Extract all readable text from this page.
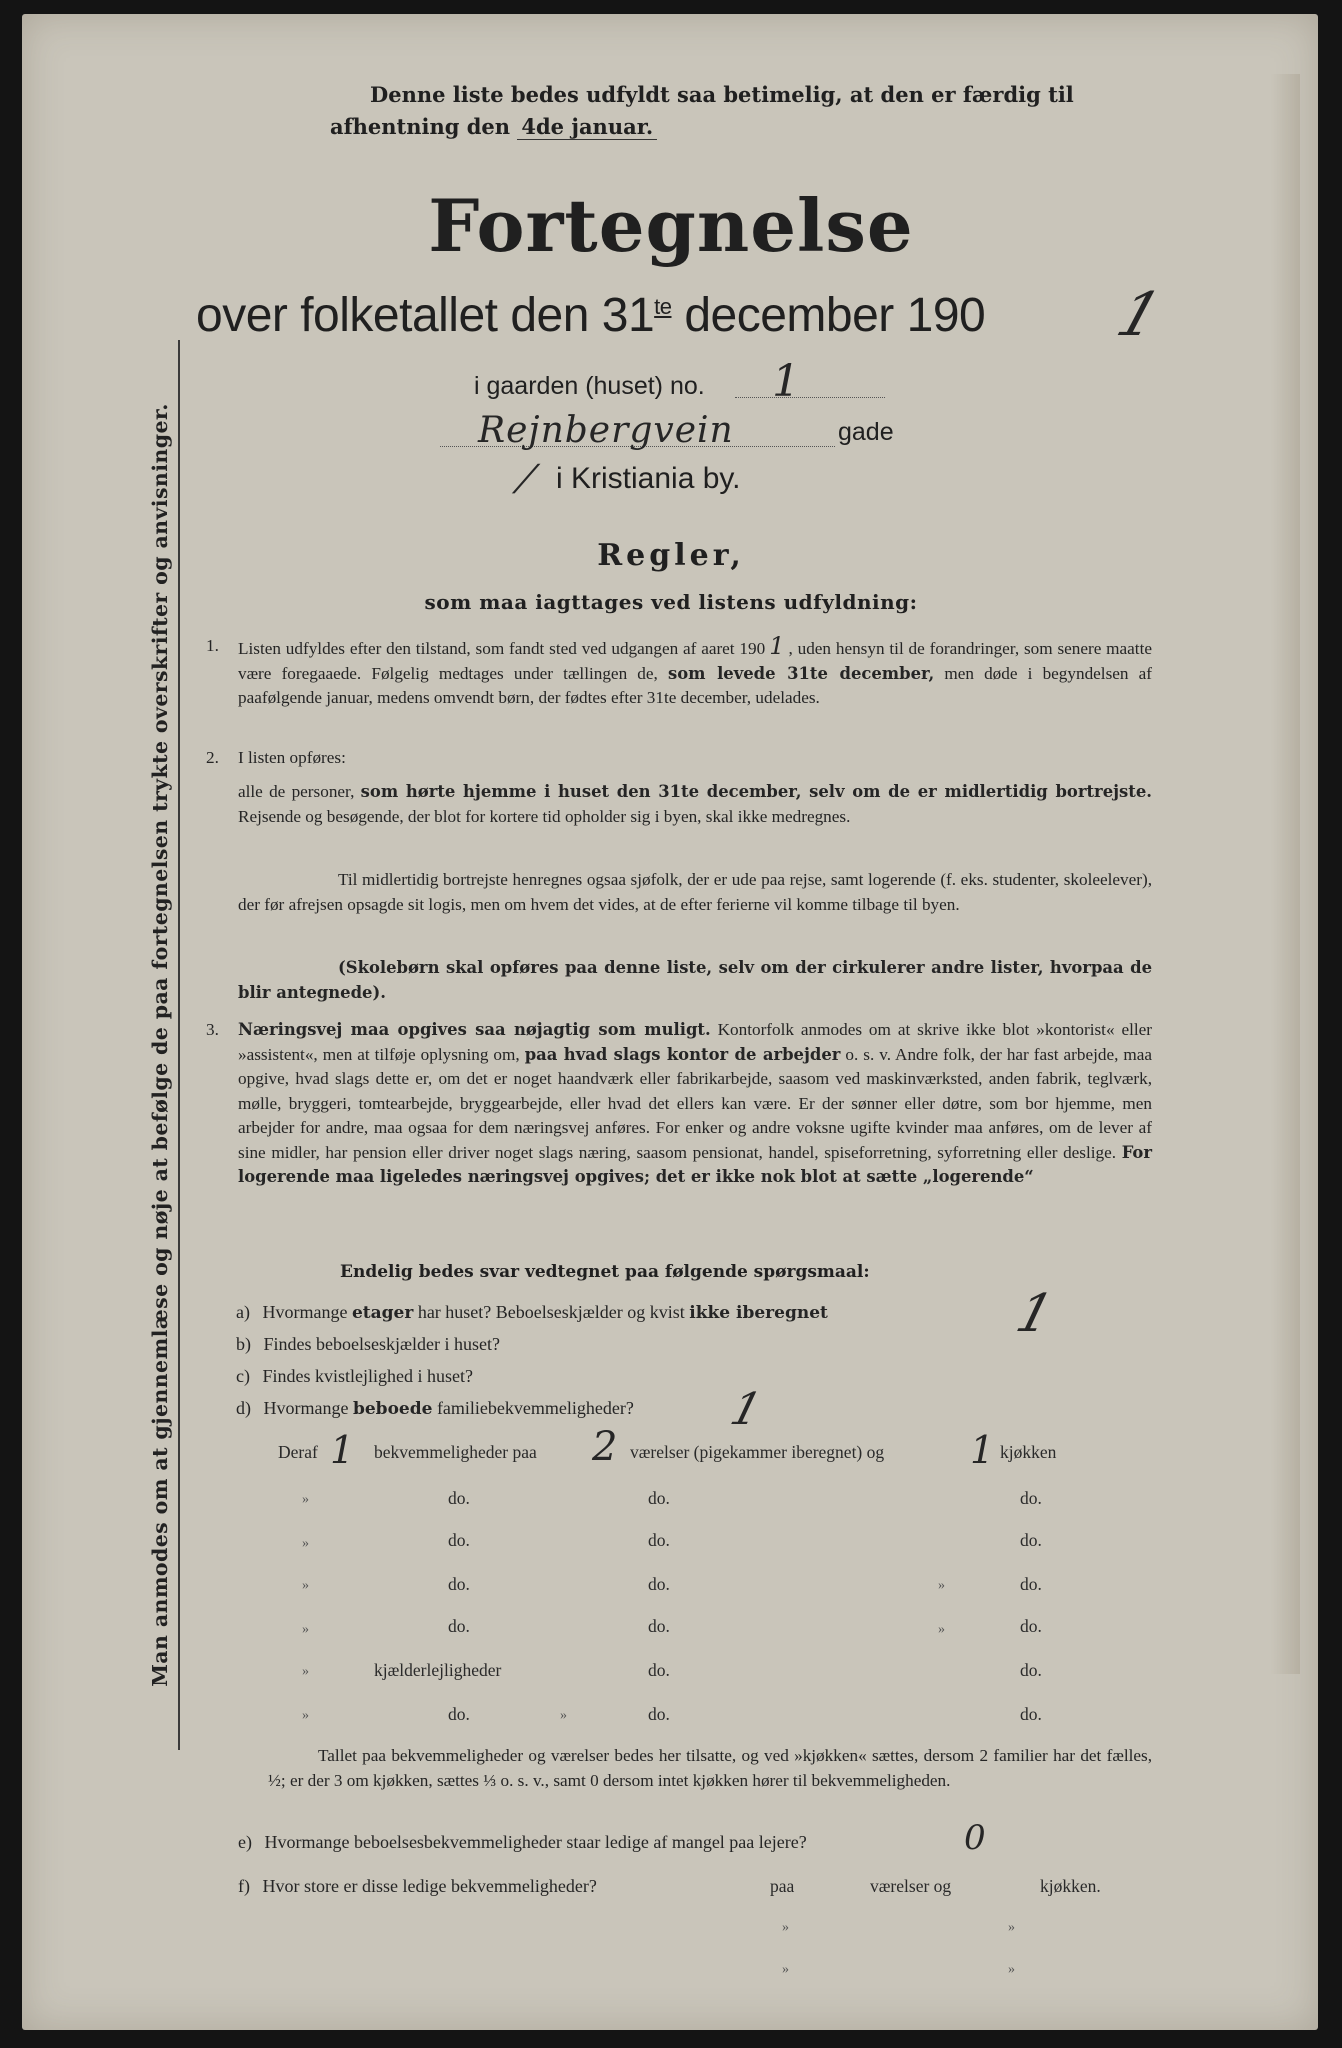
Man anmodes om at gjennemlæse og nøje at befølge de paa fortegnelsen trykte overskrifter og anvisninger.
Denne liste bedes udfyldt saa betimelig, at den er færdig til
afhentning den 4de januar.
Fortegnelse
over folketallet den $31^{te}$ december 190 1
i gaarden (huset) no. 1
Rejnbergvein	gade
/ i Kristiania by.
Regler,
som maa iagttages ved listens udfyldning:
1. Listen udfyldes efter den tilstand, som fandt sted ved udgangen af aaret 190 1 , uden hensyn til de forandringer, som senere maatte være foregaaede. Følgelig medtages under tællingen de, som levede 31te december, men døde i begyndelsen af paafølgende januar, medens omvendt børn, der fødtes efter 31te december, udelades.
2. I listen opføres:
alle de personer, som hørte hjemme i huset den 31te december, selv om de er midlertidig bortrejste. Rejsende og besøgende, der blot for kortere tid opholder sig i byen, skal ikke medregnes.
Til midlertidig bortrejste henregnes ogsaa sjøfolk, der er ude paa rejse, samt logerende (f. eks. studenter, skoleelever), der før afrejsen opsagde sit logis, men om hvem det vides, at de efter ferierne vil komme tilbage til byen.
(Skolebørn skal opføres paa denne liste, selv om der cirkulerer andre lister, hvorpaa de blir antegnede).
3. Næringsvej maa opgives saa nøjagtig som muligt. Kontorfolk anmodes om at skrive ikke blot »kontorist« eller »assistent«, men at tilføje oplysning om, paa hvad slags kontor de arbejder o. s. v. Andre folk, der har fast arbejde, maa opgive, hvad slags dette er, om det er noget haandværk eller fabrikarbejde, saasom ved maskinværksted, anden fabrik, teglværk, mølle, bryggeri, tomtearbejde, bryggearbejde, eller hvad det ellers kan være. Er der sønner eller døtre, som bor hjemme, men arbejder for andre, maa ogsaa for dem næringsvej anføres. For enker og andre voksne ugifte kvinder maa anføres, om de lever af sine midler, har pension eller driver noget slags næring, saasom pensionat, handel, spiseforretning, syforretning eller deslige. For logerende maa ligeledes næringsvej opgives; det er ikke nok blot at sætte „logerende“
Endelig bedes svar vedtegnet paa følgende spørgsmaal:
a) Hvormange etager har huset? Beboelseskjælder og kvist ikke iberegnet	1
b) Findes beboelseskjælder i huset?
c) Findes kvistlejlighed i huset?
d) Hvormange beboede familiebekvemmeligheder? 1
Deraf 1 bekvemmeligheder paa 2 værelser (pigekammer iberegnet) og 1 kjøkken
»	do.	do.	do.
»	do.	do.	do.
»	do.	do.	»	do.
»	do.	do.	»	do.
»	kjælderlejligheder	do.	do.
»	do.	»	do.	do.
Tallet paa bekvemmeligheder og værelser bedes her tilsatte, og ved »kjøkken« sættes, dersom 2 familier har det fælles, ½; er der 3 om kjøkken, sættes ⅓ o. s. v., samt 0 dersom intet kjøkken hører til bekvemmeligheden.
e) Hvormange beboelsesbekvemmeligheder staar ledige af mangel paa lejere?	0
f) Hvor store er disse ledige bekvemmeligheder?	paa	værelser og	kjøkken.
»	»
»	»
